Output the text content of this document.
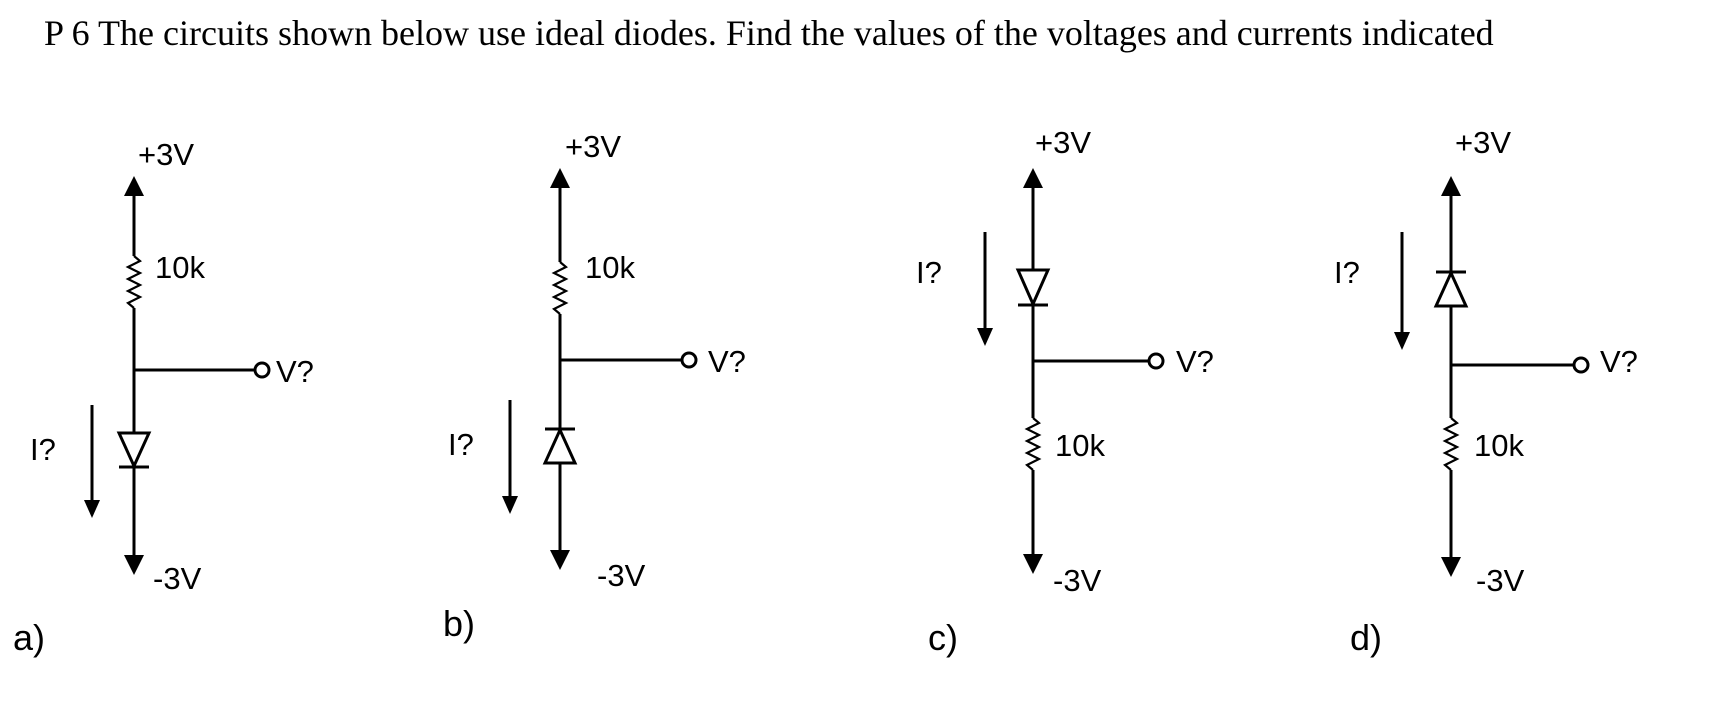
P 6 The circuits shown below use ideal diodes. Find the values of the voltages and currents indicated
+3V
10k
V?
I?
-3V
a)
+3V
10k
V?
I?
-3V
b)
+3V
10k
V?
I?
-3V
c)
+3V
10k
V?
I?
-3V
d)
